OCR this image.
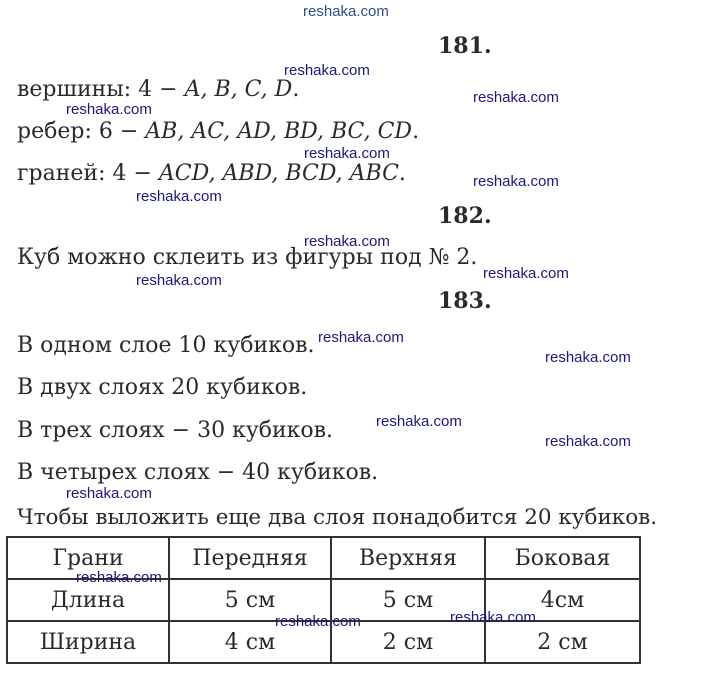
reshaka.com
181.
вершины: 4 − A, B, C, D.
ребер: 6 − AB, AC, AD, BD, BC, CD.
граней: 4 − ACD, ABD, BCD, ABC.
182.
Куб можно склеить из фигуры под № 2.
183.
В одном слое 10 кубиков.
В двух слоях 20 кубиков.
В трех слоях − 30 кубиков.
В четырех слоях − 40 кубиков.
Чтобы выложить еще два слоя понадобится 20 кубиков.
Грани	Передняя	Верхняя	Боковая
Длина	5 см	5 см	4см
Ширина	4 см	2 см	2 см
reshaka.com
reshaka.com
reshaka.com
reshaka.com
reshaka.com
reshaka.com
reshaka.com
reshaka.com
reshaka.com
reshaka.com
reshaka.com
reshaka.com
reshaka.com
reshaka.com
reshaka.com
reshaka.com
reshaka.com
